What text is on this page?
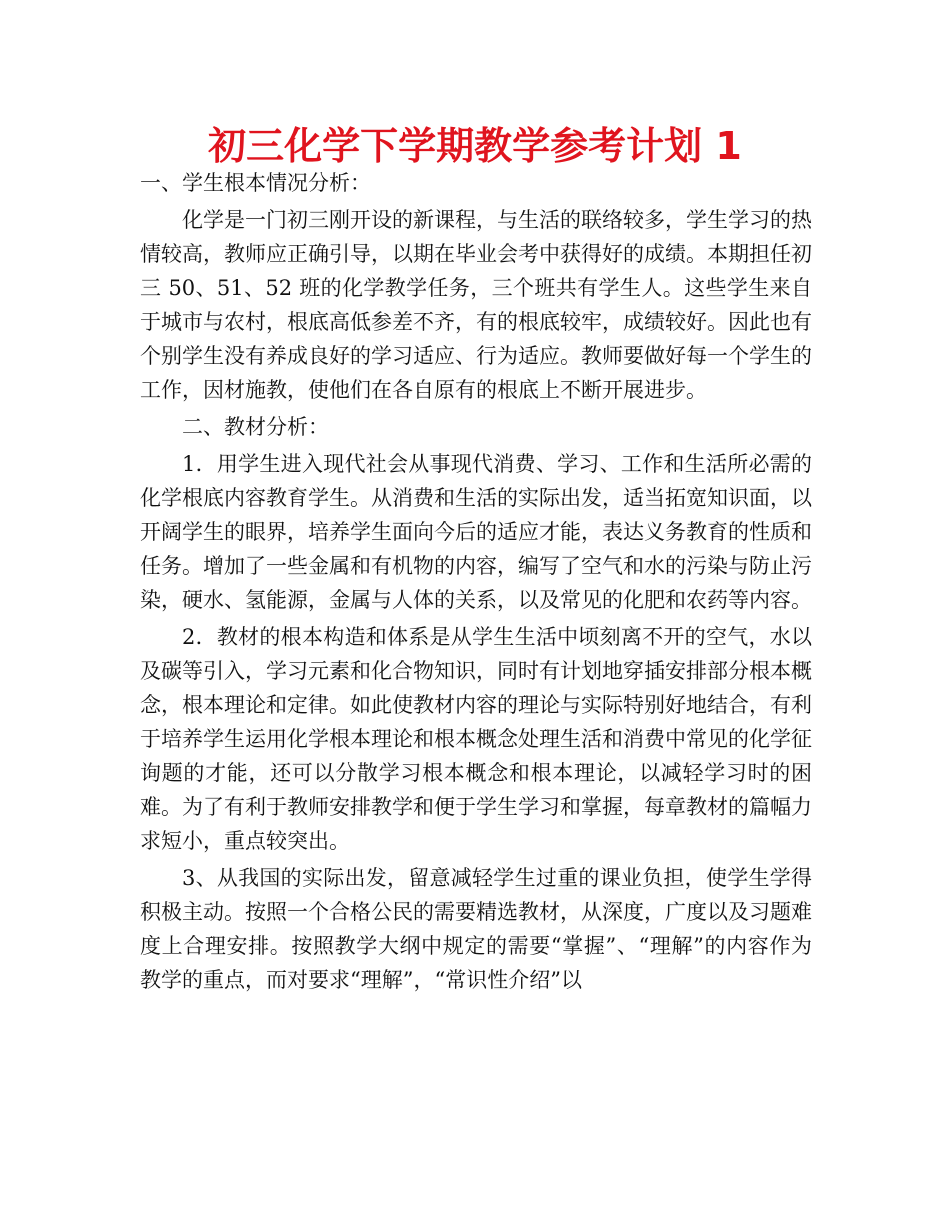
初三化学下学期教学参考计划 1

一、学生根本情况分析：

化学是一门初三刚开设的新课程，与生活的联络较多，学生学习的热情较高，教师应正确引导，以期在毕业会考中获得好的成绩。本期担任初三 50、51、52 班的化学教学任务，三个班共有学生人。这些学生来自于城市与农村，根底高低参差不齐，有的根底较牢，成绩较好。因此也有个别学生没有养成良好的学习适应、行为适应。教师要做好每一个学生的工作，因材施教，使他们在各自原有的根底上不断开展进步。

二、教材分析：

1．用学生进入现代社会从事现代消费、学习、工作和生活所必需的化学根底内容教育学生。从消费和生活的实际出发，适当拓宽知识面，以开阔学生的眼界，培养学生面向今后的适应才能，表达义务教育的性质和任务。增加了一些金属和有机物的内容，编写了空气和水的污染与防止污染，硬水、氢能源，金属与人体的关系，以及常见的化肥和农药等内容。

2．教材的根本构造和体系是从学生生活中顷刻离不开的空气，水以及碳等引入，学习元素和化合物知识，同时有计划地穿插安排部分根本概念，根本理论和定律。如此使教材内容的理论与实际特别好地结合，有利于培养学生运用化学根本理论和根本概念处理生活和消费中常见的化学征询题的才能，还可以分散学习根本概念和根本理论，以减轻学习时的困难。为了有利于教师安排教学和便于学生学习和掌握，每章教材的篇幅力求短小，重点较突出。

3、从我国的实际出发，留意减轻学生过重的课业负担，使学生学得积极主动。按照一个合格公民的需要精选教材，从深度，广度以及习题难度上合理安排。按照教学大纲中规定的需要“掌握”、“理解”的内容作为教学的重点，而对要求“理解”，“常识性介绍”以
